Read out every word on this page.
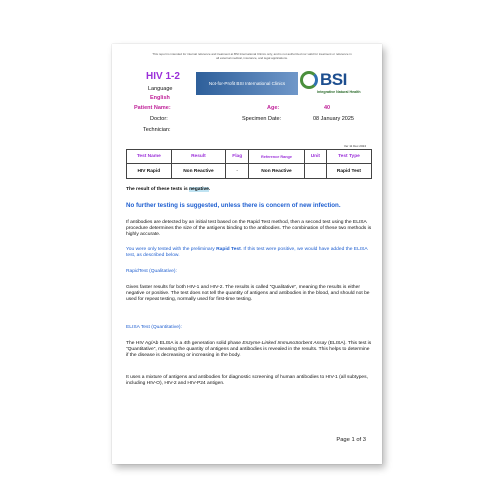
This report is intended for internal reference and treatment at BSI International Clinics only, and is not authorized nor valid for treatment or reference in all external medical, insurance, and legal applications.
HIV 1-2
Language
English
Not-for-Profit BSI International Clinics	BSI
Integrative Natural Health
Patient Name:	Age:	40
Doctor:	Specimen Date:	08 January 2025
Technician:
Ver 11 Dec 2024
Test Name	Result	Flag	Reference Range	Unit	Test Type
HIV Rapid	Non Reactive	-	Non Reactive		Rapid Test
The result of these tests is negative.
No further testing is suggested, unless there is concern of new infection.
If antibodies are detected by an initial test based on the Rapid Test method, then a second test using the ELISA procedure determines the size of the antigens binding to the antibodies. The combination of these two methods is highly accurate.
You were only tested with the preliminary Rapid Test. If this test were positive, we would have added the ELISA test, as described below.
RapidTest (Qualitative):
Gives faster results for both HIV-1 and HIV-2. The results is called “Qualitative”, meaning the results is either negative or positive. The test does not tell the quantity of antigens and antibodies in the blood, and should not be used for repeat testing, normally used for first-time testing.
ELISA Test (Quantitative):
The HIV Ag/Ab ELISA is a 4th generation solid phase Enzyme-Linked ImmunoSorbent Assay (ELISA). This test is “Quantitative”, meaning the quantity of antigens and antibodies is revealed in the results. This helps to determine if the disease is decreasing or increasing in the body.
It uses a mixture of antigens and antibodies for diagnostic screening of human antibodies to HIV-1 (all subtypes, including HIV-O), HIV-2 and HIV-P24 antigen.
Page 1 of 3
